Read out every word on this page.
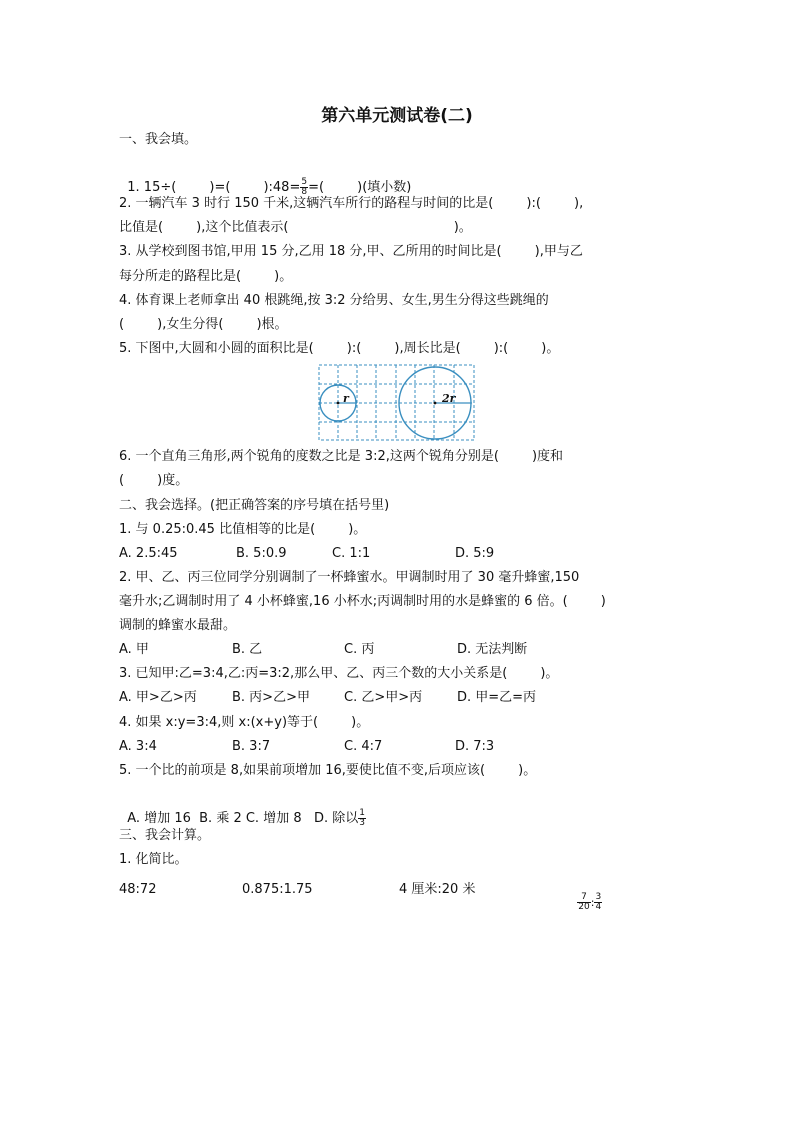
第六单元测试卷(二)
一、我会填。

1. 15÷(        )=(        ):48= $\frac{5}{8}$ =(        )(填小数)

2. 一辆汽车 3 时行 150 千米,这辆汽车所行的路程与时间的比是(        ):(        ),
比值是(        ),这个比值表示(                                        )。
3. 从学校到图书馆,甲用 15 分,乙用 18 分,甲、乙所用的时间比是(        ),甲与乙
每分所走的路程比是(        )。
4. 体育课上老师拿出 40 根跳绳,按 3:2 分给男、女生,男生分得这些跳绳的
(        ),女生分得(        )根。
5. 下图中,大圆和小圆的面积比是(        ):(        ),周长比是(        ):(        )。
r	2r
6. 一个直角三角形,两个锐角的度数之比是 3:2,这两个锐角分别是(        )度和
(        )度。
二、我会选择。(把正确答案的序号填在括号里)
1. 与 0.25:0.45 比值相等的比是(        )。
A. 2.5:45	B. 5:0.9	C. 1:1	D. 5:9
2. 甲、乙、丙三位同学分别调制了一杯蜂蜜水。甲调制时用了 30 毫升蜂蜜,150
毫升水;乙调制时用了 4 小杯蜂蜜,16 小杯水;丙调制时用的水是蜂蜜的 6 倍。(        )
调制的蜂蜜水最甜。
A. 甲	B. 乙	C. 丙	D. 无法判断
3. 已知甲:乙=3:4,乙:丙=3:2,那么甲、乙、丙三个数的大小关系是(        )。
A. 甲>乙>丙	B. 丙>乙>甲	C. 乙>甲>丙	D. 甲=乙=丙
4. 如果 x:y=3:4,则 x:(x+y)等于(        )。
A. 3:4	B. 3:7	C. 4:7	D. 7:3
5. 一个比的前项是 8,如果前项增加 16,要使比值不变,后项应该(        )。

A. 增加 16  B. 乘 2 C. 增加 8   D. 除以 $\frac{1}{3}$

三、我会计算。
1. 化简比。
48:72	0.875:1.75	4 厘米:20 米

$\frac{7}{20}$ : $\frac{3}{4}$
